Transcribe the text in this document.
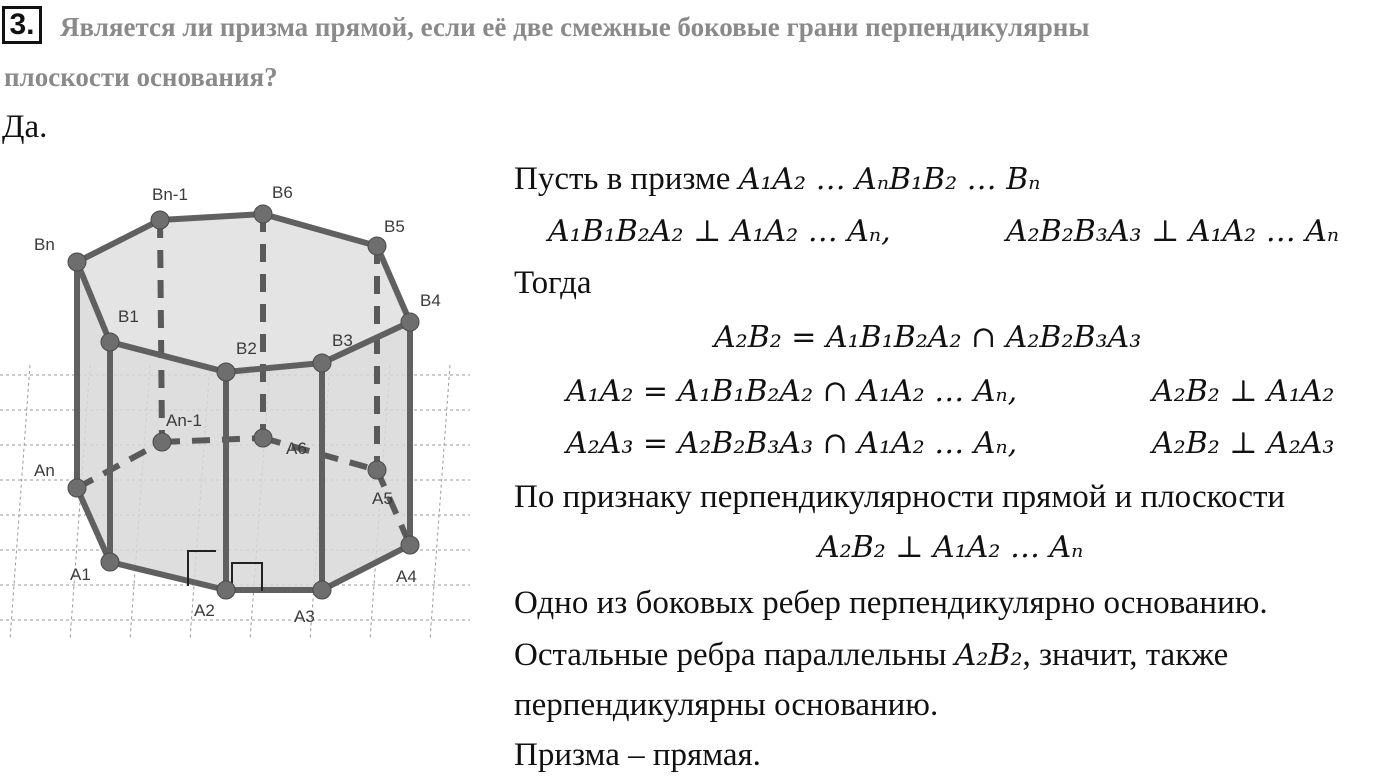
3. Является ли призма прямой, если её две смежные боковые грани перпендикулярны
плоскости основания?
Да.
Bn
Bn-1	B6
B5
B4
B1
B2	B3
An
An-1
A6
A5
A4
A1
A2	A3
Пусть в призме A₁A₂ … AₙB₁B₂ … Bₙ
A₁B₁B₂A₂ ⊥ A₁A₂ … Aₙ,	A₂B₂B₃A₃ ⊥ A₁A₂ … Aₙ
Тогда
A₂B₂ = A₁B₁B₂A₂ ∩ A₂B₂B₃A₃
A₁A₂ = A₁B₁B₂A₂ ∩ A₁A₂ … Aₙ,	A₂B₂ ⊥ A₁A₂
A₂A₃ = A₂B₂B₃A₃ ∩ A₁A₂ … Aₙ,	A₂B₂ ⊥ A₂A₃
По признаку перпендикулярности прямой и плоскости
A₂B₂ ⊥ A₁A₂ … Aₙ
Одно из боковых ребер перпендикулярно основанию.
Остальные ребра параллельны A₂B₂, значит, также
перпендикулярны основанию.
Призма – прямая.
